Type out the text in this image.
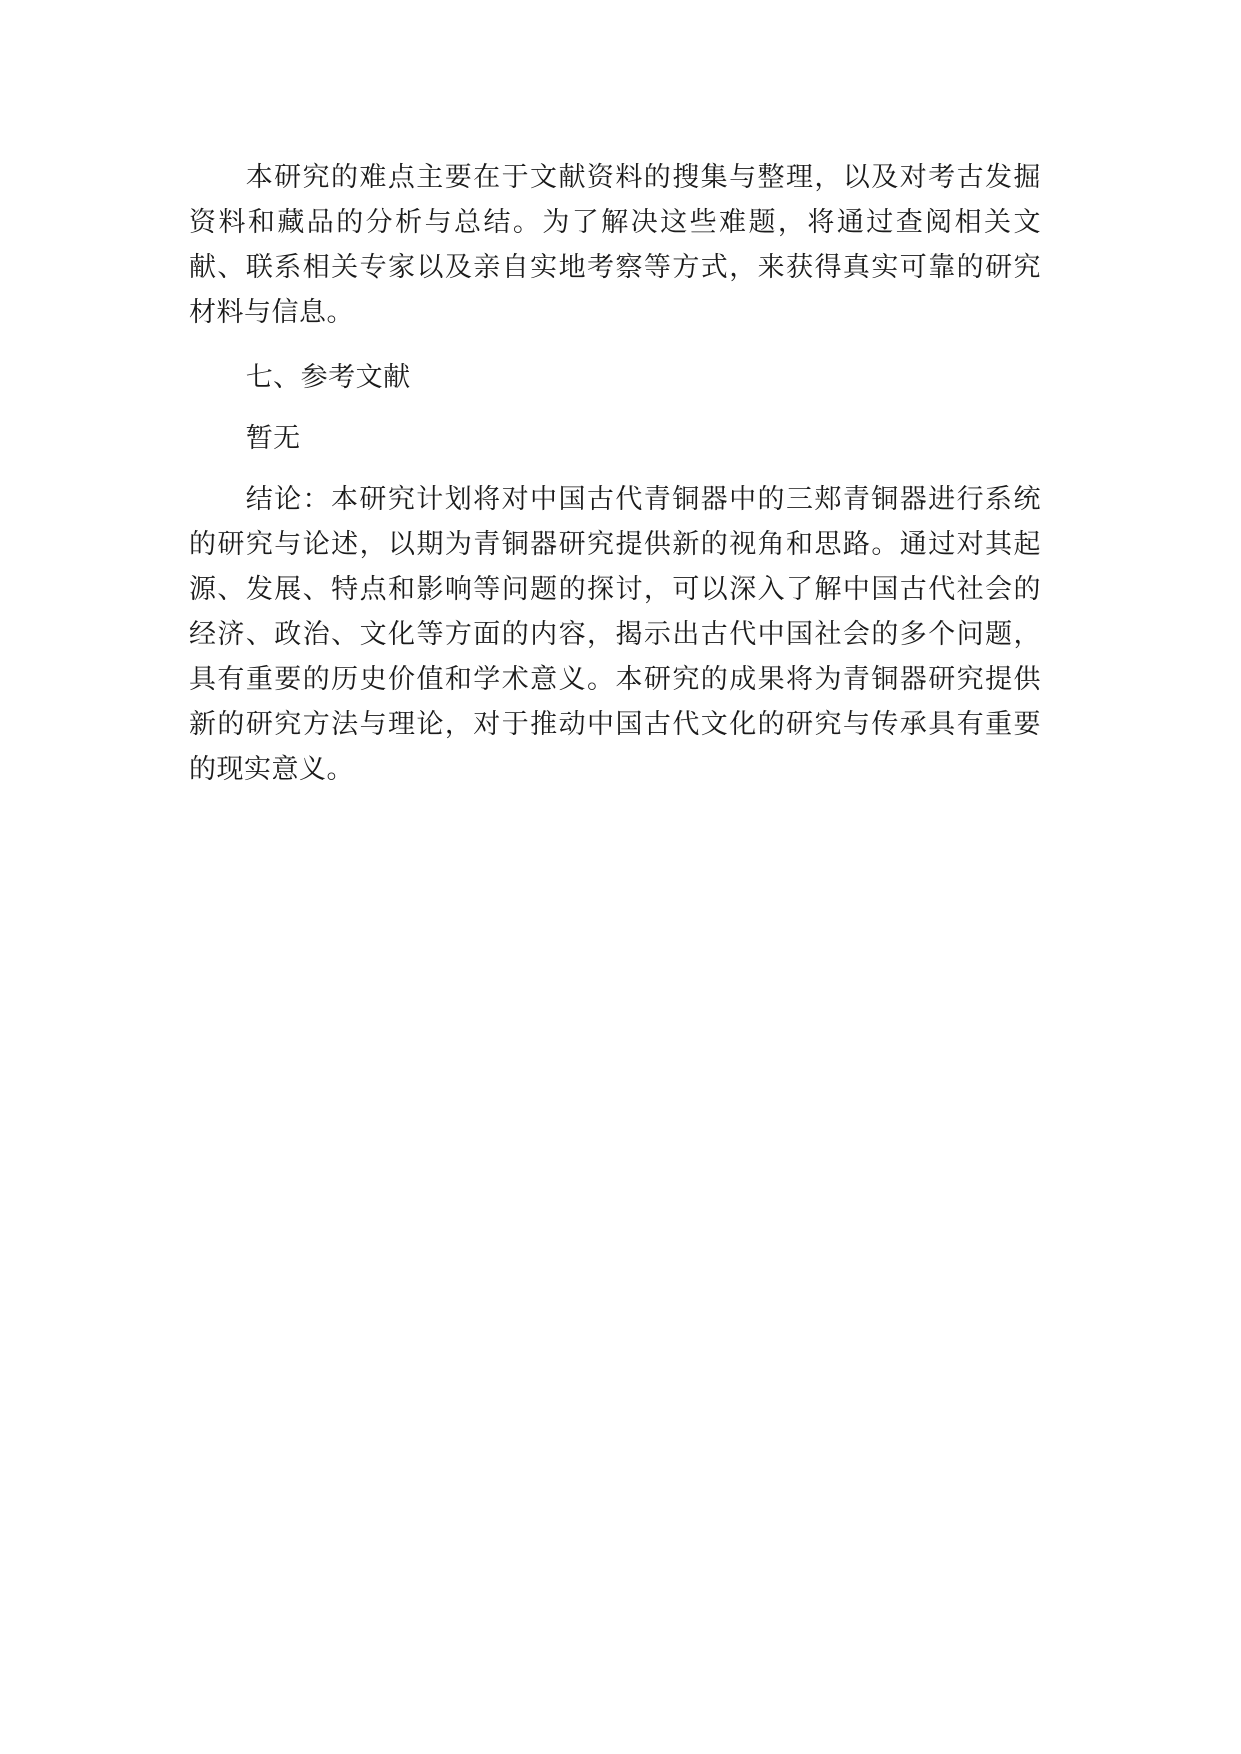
本研究的难点主要在于文献资料的搜集与整理，以及对考古发掘资料和藏品的分析与总结。为了解决这些难题，将通过查阅相关文献、联系相关专家以及亲自实地考察等方式，来获得真实可靠的研究材料与信息。

七、参考文献

暂无

结论：本研究计划将对中国古代青铜器中的三郏青铜器进行系统的研究与论述，以期为青铜器研究提供新的视角和思路。通过对其起源、发展、特点和影响等问题的探讨，可以深入了解中国古代社会的经济、政治、文化等方面的内容，揭示出古代中国社会的多个问题，具有重要的历史价值和学术意义。本研究的成果将为青铜器研究提供新的研究方法与理论，对于推动中国古代文化的研究与传承具有重要的现实意义。
